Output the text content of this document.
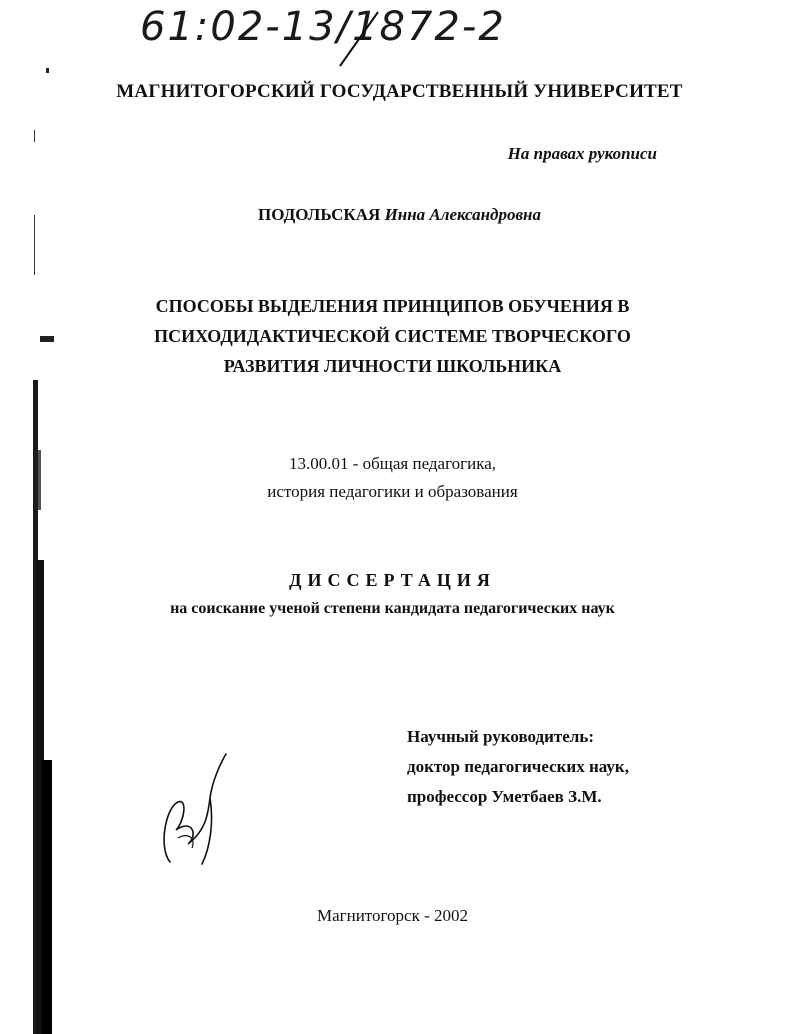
61:02-13/1872-2
МАГНИТОГОРСКИЙ ГОСУДАРСТВЕННЫЙ УНИВЕРСИТЕТ
На правах рукописи
ПОДОЛЬСКАЯ Инна Александровна
СПОСОБЫ ВЫДЕЛЕНИЯ ПРИНЦИПОВ ОБУЧЕНИЯ В
ПСИХОДИДАКТИЧЕСКОЙ СИСТЕМЕ ТВОРЧЕСКОГО
РАЗВИТИЯ ЛИЧНОСТИ ШКОЛЬНИКА
13.00.01 - общая педагогика,
история педагогики и образования
ДИССЕРТАЦИЯ
на соискание ученой степени кандидата педагогических наук
Научный руководитель:
доктор педагогических наук,
профессор Уметбаев З.М.
Магнитогорск - 2002
